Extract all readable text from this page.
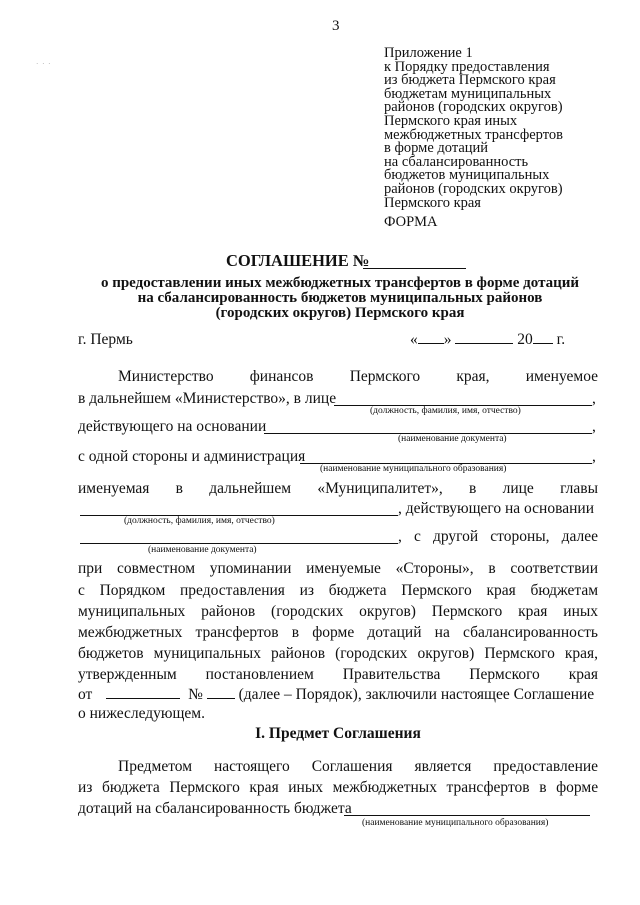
3
· · ·
Приложение 1
к Порядку предоставления
из бюджета Пермского края
бюджетам муниципальных
районов (городских округов)
Пермского края иных
межбюджетных трансфертов
в форме дотаций
на сбалансированность
бюджетов муниципальных
районов (городских округов)
Пермского края
ФОРМА
СОГЛАШЕНИЕ №
о предоставлении иных межбюджетных трансфертов в форме дотаций
на сбалансированность бюджетов муниципальных районов
(городских округов) Пермского края
г. Пермь	« »	20 г.
Министерство финансов Пермского края, именуемое
в дальнейшем «Министерство», в лице	,
(должность, фамилия, имя, отчество)
действующего на основании	,
(наименование документа)
с одной стороны и администрация	,
(наименование муниципального образования)
именуемая в дальнейшем «Муниципалитет», в лице главы
, действующего на основании
(должность, фамилия, имя, отчество)
, с другой стороны, далее
(наименование документа)
при совместном упоминании именуемые «Стороны», в соответствии
с Порядком предоставления из бюджета Пермского края бюджетам
муниципальных районов (городских округов) Пермского края иных
межбюджетных трансфертов в форме дотаций на сбалансированность
бюджетов муниципальных районов (городских округов) Пермского края,
утвержденным постановлением Правительства Пермского края
от	№ (далее – Порядок), заключили настоящее Соглашение
о нижеследующем.
I. Предмет Соглашения
Предметом настоящего Соглашения является предоставление
из бюджета Пермского края иных межбюджетных трансфертов в форме
дотаций на сбалансированность бюджета
(наименование муниципального образования)
